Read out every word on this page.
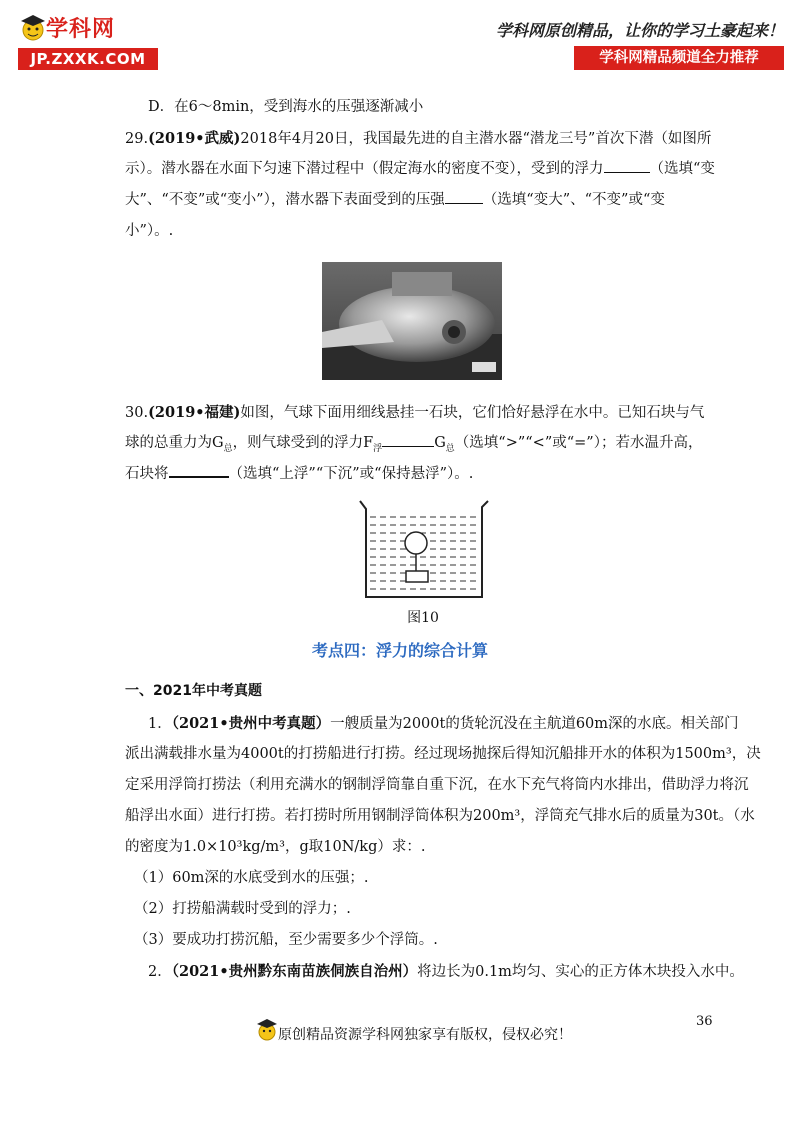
学科网
JP.ZXXK.COM
学科网原创精品，让你的学习土豪起来！
学科网精品频道全力推荐
D．在6～8min，受到海水的压强逐渐减小
29.(2019•武威)2018年4月20日，我国最先进的自主潜水器“潜龙三号”首次下潜（如图所
示）。潜水器在水面下匀速下潜过程中（假定海水的密度不变），受到的浮力	（选填“变
大”、“不变”或“变小”），潜水器下表面受到的压强	（选填“变大”、“不变”或“变
小”）。.
30.(2019•福建)如图，气球下面用细线悬挂一石块，它们恰好悬浮在水中。已知石块与气
球的总重力为$G_总$，则气球受到的浮力$F_浮$	$G_总$（选填“>”“<”或“=”）；若水温升高，
石块将	（选填“上浮”“下沉”或“保持悬浮”）。.
图10
考点四：浮力的综合计算
一、2021年中考真题
1．（2021•贵州中考真题）一艘质量为2000t的货轮沉没在主航道60m深的水底。相关部门
派出满载排水量为4000t的打捞船进行打捞。经过现场抛探后得知沉船排开水的体积为1500m³，决
定采用浮筒打捞法（利用充满水的钢制浮筒靠自重下沉，在水下充气将筒内水排出，借助浮力将沉
船浮出水面）进行打捞。若打捞时所用钢制浮筒体积为200m³，浮筒充气排水后的质量为30t。（水
的密度为1.0×10³kg/m³，g取10N/kg）求：.
（1）60m深的水底受到水的压强；.
（2）打捞船满载时受到的浮力；.
（3）要成功打捞沉船，至少需要多少个浮筒。.
2．（2021•贵州黔东南苗族侗族自治州）将边长为0.1m均匀、实心的正方体木块投入水中。
36
原创精品资源学科网独家享有版权，侵权必究！
